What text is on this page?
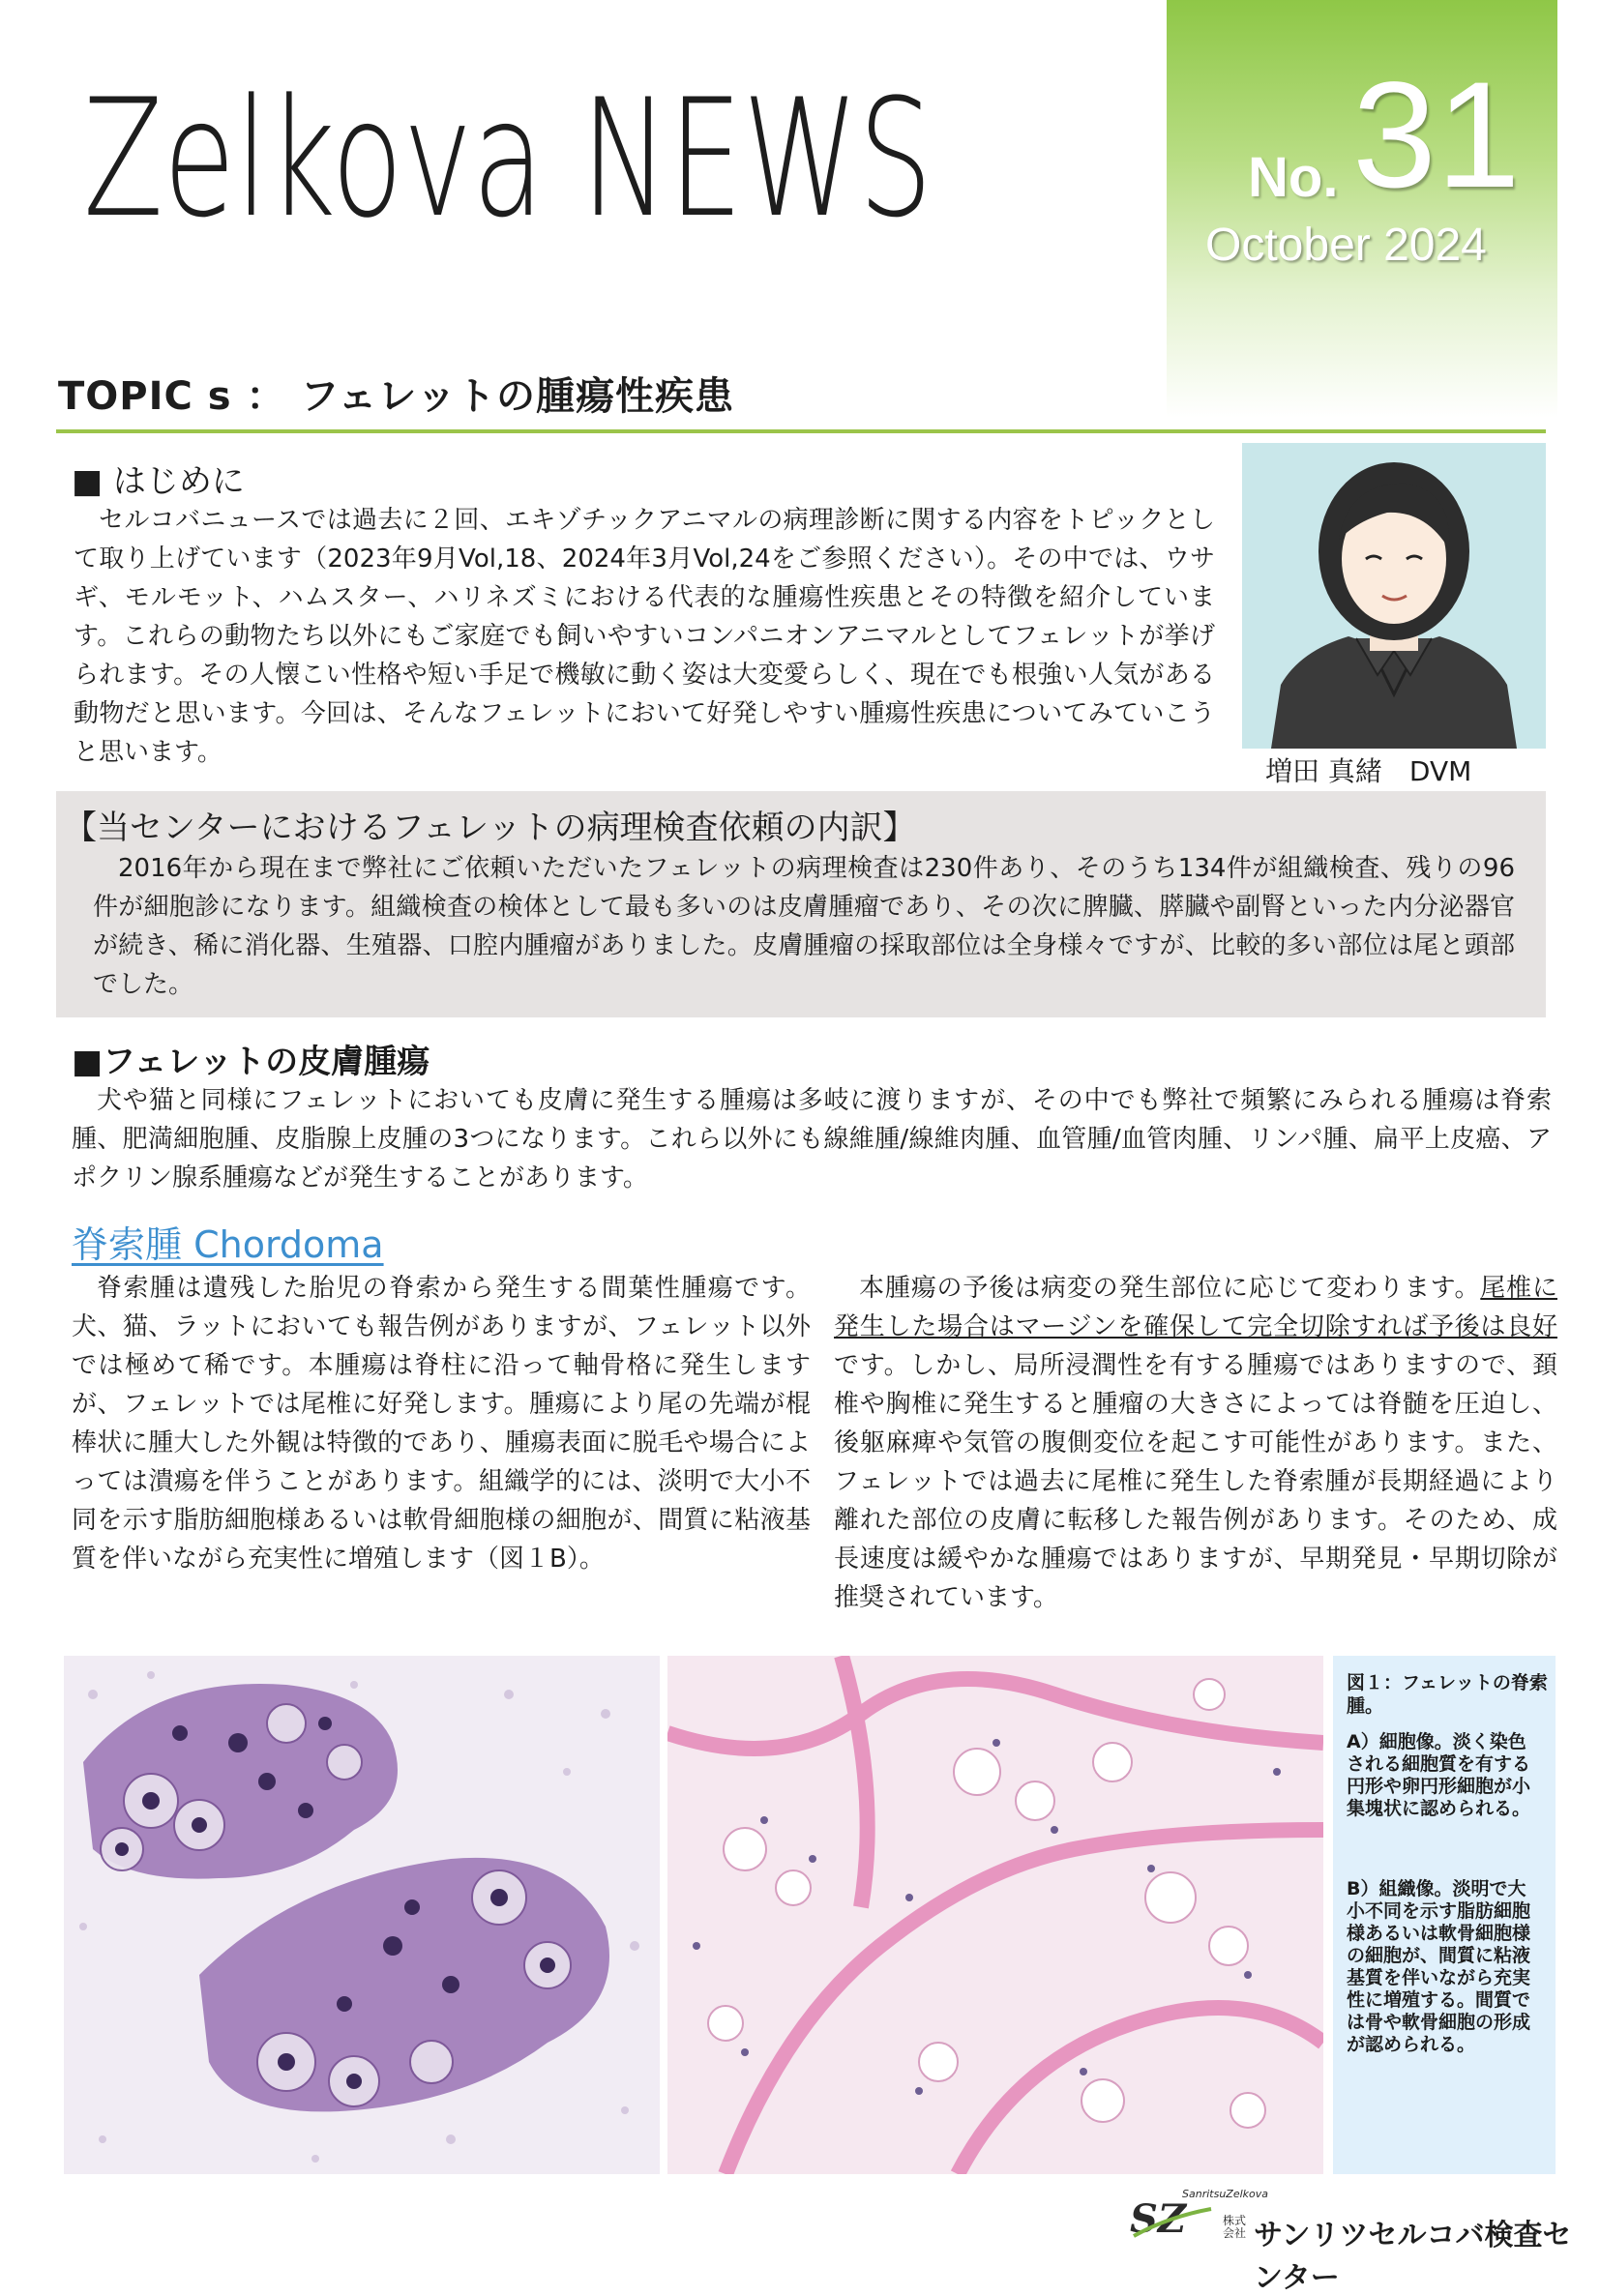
Zelkova NEWS	31
No.
October 2024
TOPIC s ： フェレットの腫瘍性疾患
■ はじめに

セルコバニュースでは過去に２回、エキゾチックアニマルの病理診断に関する内容をトピックとして取り上げています（2023年9月Vol,18、2024年3月Vol,24をご参照ください）。その中では、ウサギ、モルモット、ハムスター、ハリネズミにおける代表的な腫瘍性疾患とその特徴を紹介しています。これらの動物たち以外にもご家庭でも飼いやすいコンパニオンアニマルとしてフェレットが挙げられます。その人懐こい性格や短い手足で機敏に動く姿は大変愛らしく、現在でも根強い人気がある動物だと思います。今回は、そんなフェレットにおいて好発しやすい腫瘍性疾患についてみていこうと思います。

増田 真緒　DVM
【当センターにおけるフェレットの病理検査依頼の内訳】

2016年から現在まで弊社にご依頼いただいたフェレットの病理検査は230件あり、そのうち134件が組織検査、残りの96件が細胞診になります。組織検査の検体として最も多いのは皮膚腫瘤であり、その次に脾臓、膵臓や副腎といった内分泌器官が続き、稀に消化器、生殖器、口腔内腫瘤がありました。皮膚腫瘤の採取部位は全身様々ですが、比較的多い部位は尾と頭部でした。

■フェレットの皮膚腫瘍

犬や猫と同様にフェレットにおいても皮膚に発生する腫瘍は多岐に渡りますが、その中でも弊社で頻繁にみられる腫瘍は脊索腫、肥満細胞腫、皮脂腺上皮腫の3つになります。これら以外にも線維腫/線維肉腫、血管腫/血管肉腫、リンパ腫、扁平上皮癌、アポクリン腺系腫瘍などが発生することがあります。

脊索腫 Chordoma

脊索腫は遺残した胎児の脊索から発生する間葉性腫瘍です。犬、猫、ラットにおいても報告例がありますが、フェレット以外では極めて稀です。本腫瘍は脊柱に沿って軸骨格に発生しますが、フェレットでは尾椎に好発します。腫瘍により尾の先端が棍棒状に腫大した外観は特徴的であり、腫瘍表面に脱毛や場合によっては潰瘍を伴うことがあります。組織学的には、淡明で大小不同を示す脂肪細胞様あるいは軟骨細胞様の細胞が、間質に粘液基質を伴いながら充実性に増殖します（図１B）。

本腫瘍の予後は病変の発生部位に応じて変わります。尾椎に発生した場合はマージンを確保して完全切除すれば予後は良好です。しかし、局所浸潤性を有する腫瘍ではありますので、頚椎や胸椎に発生すると腫瘤の大きさによっては脊髄を圧迫し、後躯麻痺や気管の腹側変位を起こす可能性があります。また、フェレットでは過去に尾椎に発生した脊索腫が長期経過により離れた部位の皮膚に転移した報告例があります。そのため、成長速度は緩やかな腫瘍ではありますが、早期発見・早期切除が推奨されています。

図１：フェレットの脊索腫。
A）細胞像。淡く染色される細胞質を有する円形や卵円形細胞が小集塊状に認められる。
B）組織像。淡明で大小不同を示す脂肪細胞様あるいは軟骨細胞様の細胞が、間質に粘液基質を伴いながら充実性に増殖する。間質では骨や軟骨細胞の形成が認められる。
SZ
SanritsuZelkova
株式会社 サンリツセルコバ検査センター
